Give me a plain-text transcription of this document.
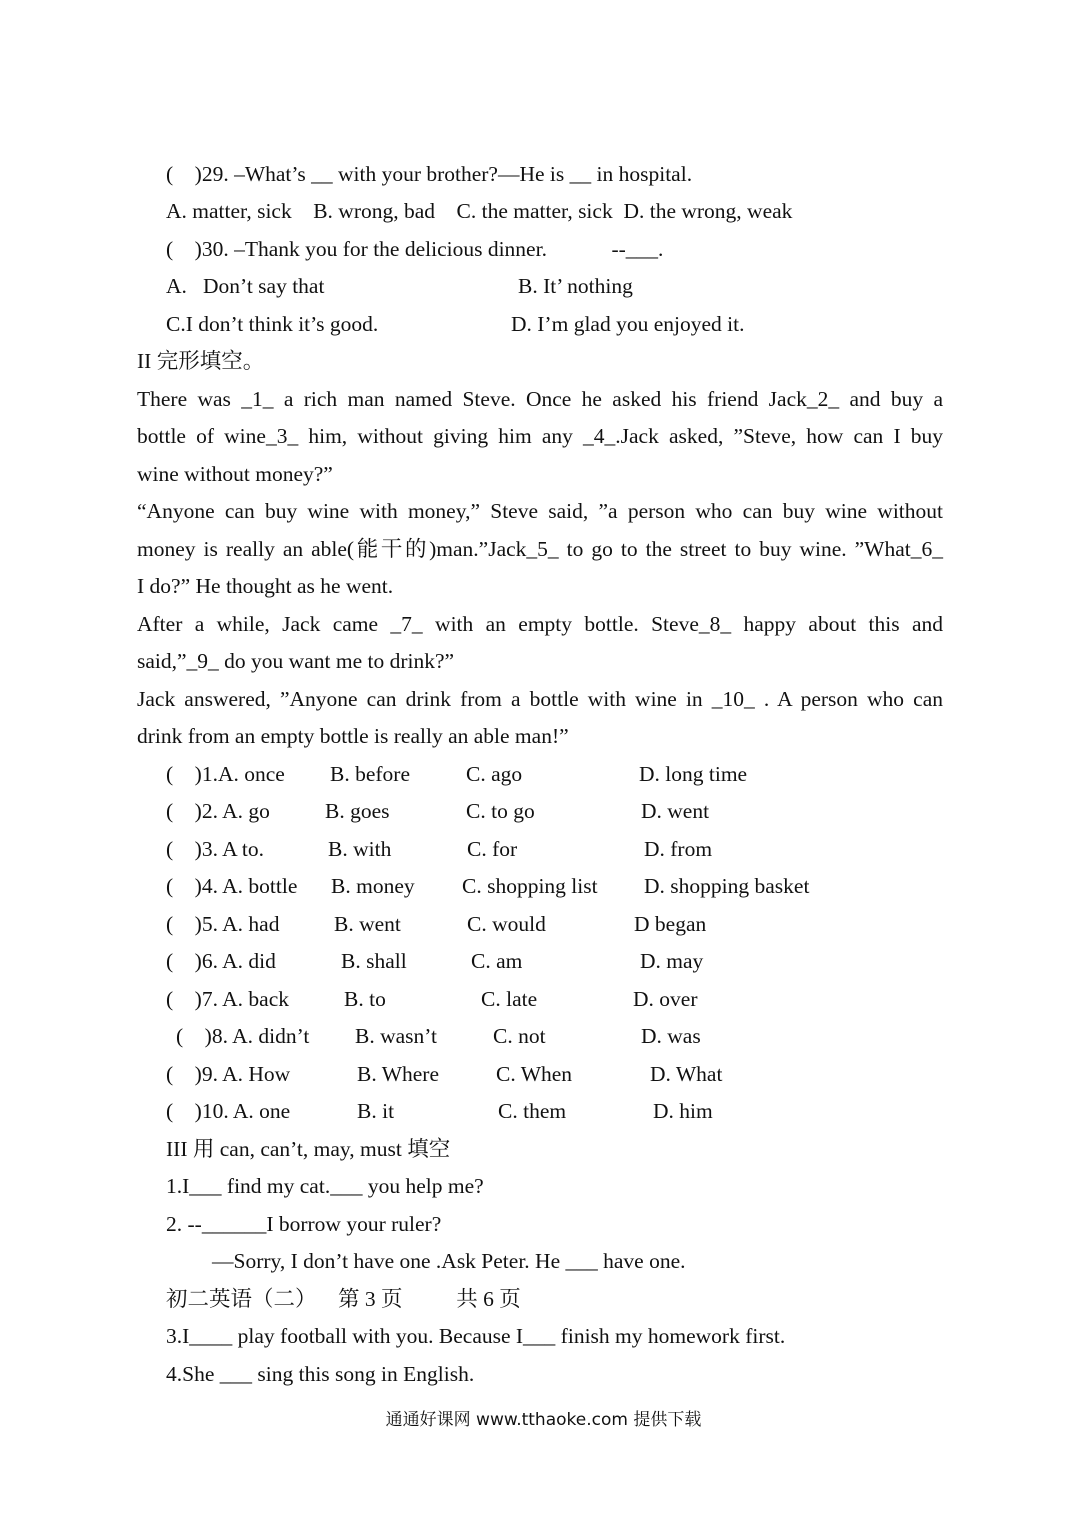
(    )29. –What’s __ with your brother?—He is __ in hospital.
A. matter, sick    B. wrong, bad    C. the matter, sick  D. the wrong, weak
(    )30. –Thank you for the delicious dinner.            --___.
A.   Don’t say that	B. It’ nothing
C.I don’t think it’s good.	D. I’m glad you enjoyed it.
II 完形填空。
There was _1_ a rich man named Steve. Once he asked his friend Jack_2_ and buy a
bottle of wine_3_ him, without giving him any _4_.Jack asked, ”Steve, how can I buy
wine without money?”
“Anyone can buy wine with money,” Steve said, ”a person who can buy wine without
money is really an able(能干的)man.”Jack_5_ to go to the street to buy wine. ”What_6_
I do?” He thought as he went.
After a while, Jack came _7_ with an empty bottle. Steve_8_ happy about this and
said,”_9_ do you want me to drink?”
Jack answered, ”Anyone can drink from a bottle with wine in _10_ . A person who can
drink from an empty bottle is really an able man!”
(    )1.A. once B. before	C. ago	D. long time
(    )2. A. go	B. goes	C. to go	D. went
(    )3. A to.	B. with	C. for	D. from
(    )4. A. bottle B. money C. shopping list D. shopping basket
(    )5. A. had	B. went	C. would	D began
(    )6. A. did	B. shall	C. am	D. may
(    )7. A. back	B. to	C. late	D. over
(    )8. A. didn’t B. wasn’t	C. not	D. was
(    )9. A. How	B. Where	C. When	D. What
(    )10. A. one	B. it	C. them	D. him
III 用 can, can’t, may, must 填空
1.I___ find my cat.___ you help me?
2. --______I borrow your ruler?
—Sorry, I don’t have one .Ask Peter. He ___ have one.
初二英语（二）    第 3 页          共 6 页
3.I____ play football with you. Because I___ finish my homework first.
4.She ___ sing this song in English.
通通好课网 www.tthaoke.com 提供下载
